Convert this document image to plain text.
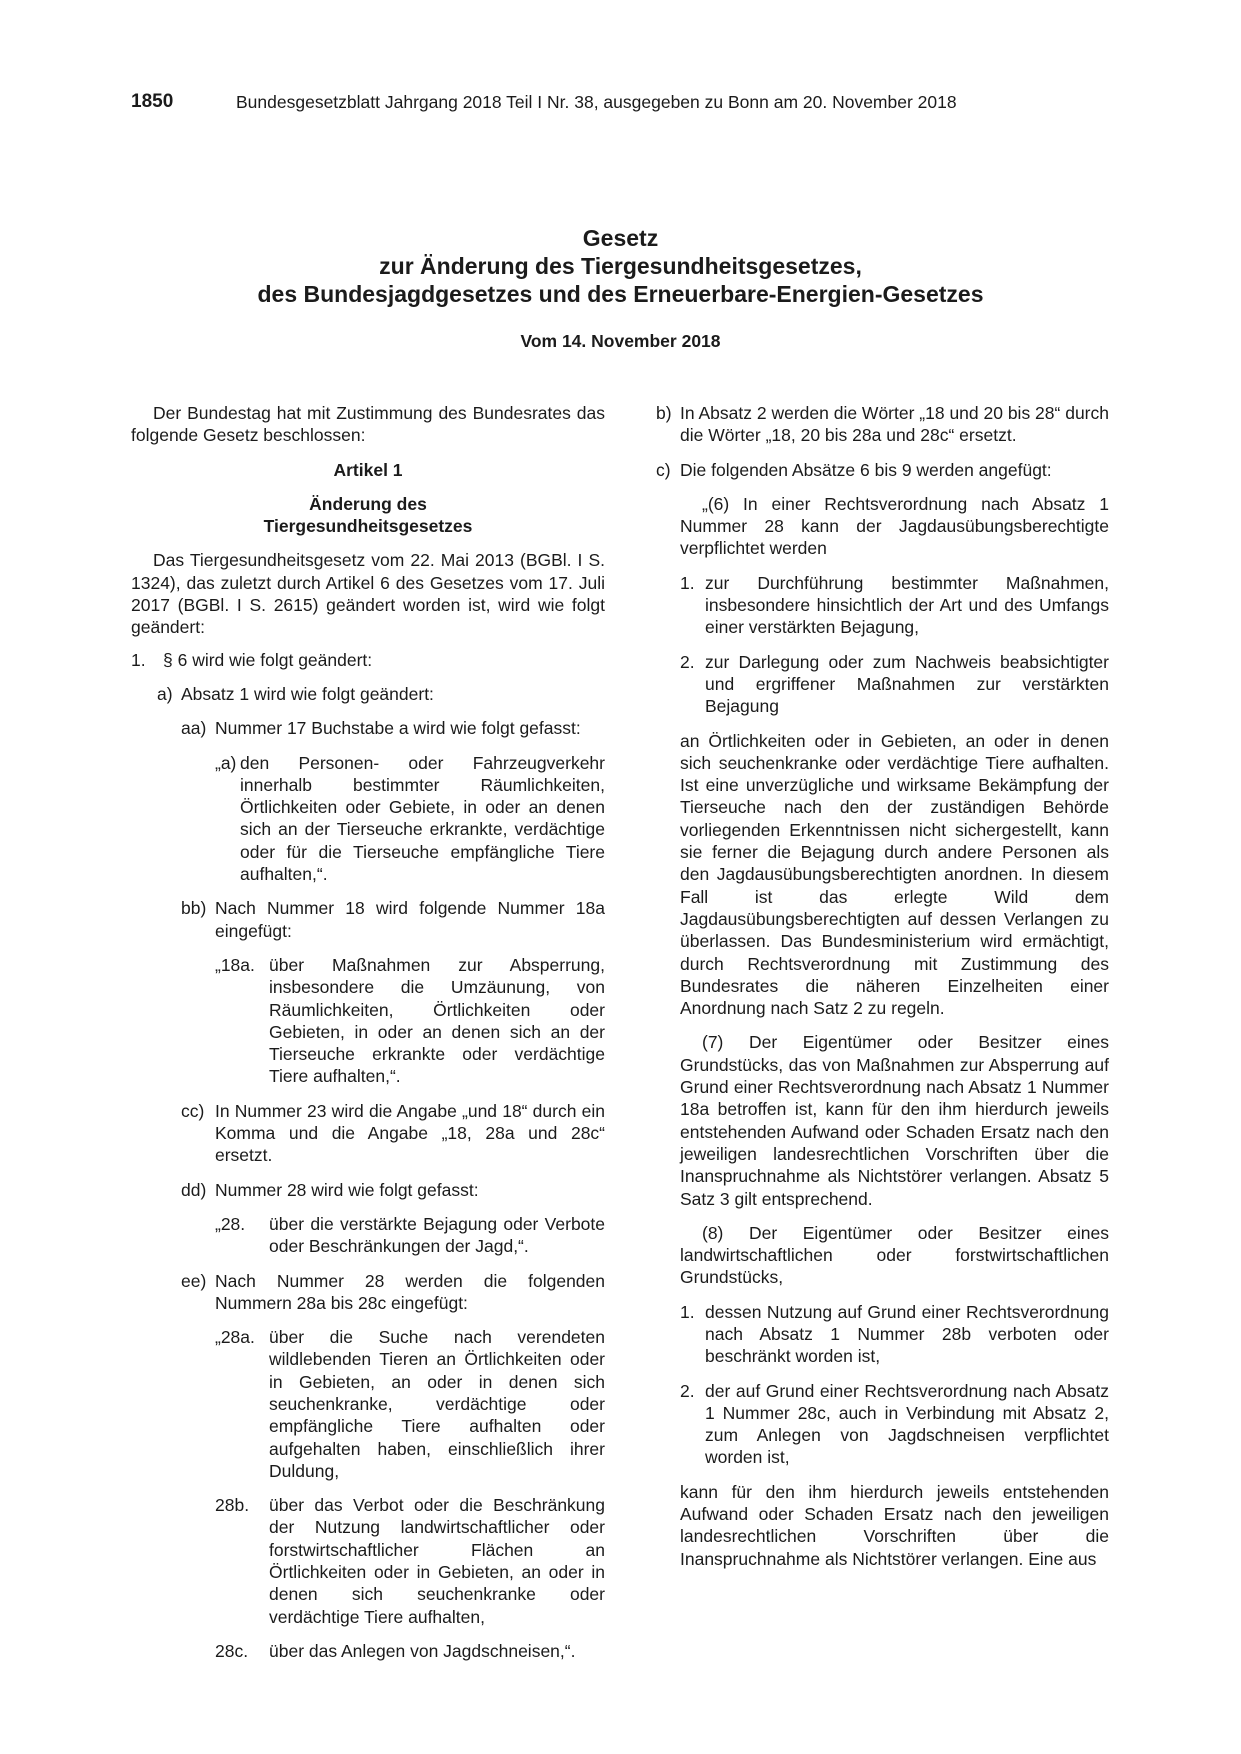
1850	Bundesgesetzblatt Jahrgang 2018 Teil I Nr. 38, ausgegeben zu Bonn am 20. November 2018
Gesetz
zur Änderung des Tiergesundheitsgesetzes,
des Bundesjagdgesetzes und des Erneuerbare-Energien-Gesetzes
Vom 14. November 2018

Der Bundestag hat mit Zustimmung des Bundesrates das folgende Gesetz beschlossen:

Artikel 1
Änderung des
Tiergesundheitsgesetzes

Das Tiergesundheitsgesetz vom 22. Mai 2013 (BGBl. I S. 1324), das zuletzt durch Artikel 6 des Gesetzes vom 17. Juli 2017 (BGBl. I S. 2615) geändert worden ist, wird wie folgt geändert:

1. § 6 wird wie folgt geändert:
a) Absatz 1 wird wie folgt geändert:
aa) Nummer 17 Buchstabe a wird wie folgt gefasst:
„a) den Personen- oder Fahrzeugverkehr innerhalb bestimmter Räumlichkeiten, Örtlichkeiten oder Gebiete, in oder an denen sich an der Tierseuche erkrankte, verdächtige oder für die Tierseuche empfängliche Tiere aufhalten,“.
bb) Nach Nummer 18 wird folgende Nummer 18a eingefügt:
„18a. über Maßnahmen zur Absperrung, insbesondere die Umzäunung, von Räumlichkeiten, Örtlichkeiten oder Gebieten, in oder an denen sich an der Tierseuche erkrankte oder verdächtige Tiere aufhalten,“.
cc) In Nummer 23 wird die Angabe „und 18“ durch ein Komma und die Angabe „18, 28a und 28c“ ersetzt.
dd) Nummer 28 wird wie folgt gefasst:
„28.	über die verstärkte Bejagung oder Verbote oder Beschränkungen der Jagd,“.
ee) Nach Nummer 28 werden die folgenden Nummern 28a bis 28c eingefügt:
„28a. über die Suche nach verendeten wildlebenden Tieren an Örtlichkeiten oder in Gebieten, an oder in denen sich seuchenkranke, verdächtige oder empfängliche Tiere aufhalten oder aufgehalten haben, einschließlich ihrer Duldung,
28b.	über das Verbot oder die Beschränkung der Nutzung landwirtschaftlicher oder forstwirtschaftlicher Flächen an Örtlichkeiten oder in Gebieten, an oder in denen sich seuchenkranke oder verdächtige Tiere aufhalten,
28c.	über das Anlegen von Jagdschneisen,“.
b) In Absatz 2 werden die Wörter „18 und 20 bis 28“ durch die Wörter „18, 20 bis 28a und 28c“ ersetzt.
c) Die folgenden Absätze 6 bis 9 werden angefügt:

„(6) In einer Rechtsverordnung nach Absatz 1 Nummer 28 kann der Jagdausübungsberechtigte verpflichtet werden

1. zur Durchführung bestimmter Maßnahmen, insbesondere hinsichtlich der Art und des Umfangs einer verstärkten Bejagung,
2. zur Darlegung oder zum Nachweis beabsichtigter und ergriffener Maßnahmen zur verstärkten Bejagung

an Örtlichkeiten oder in Gebieten, an oder in denen sich seuchenkranke oder verdächtige Tiere aufhalten. Ist eine unverzügliche und wirksame Bekämpfung der Tierseuche nach den der zuständigen Behörde vorliegenden Erkenntnissen nicht sichergestellt, kann sie ferner die Bejagung durch andere Personen als den Jagdausübungsberechtigten anordnen. In diesem Fall ist das erlegte Wild dem Jagdausübungsberechtigten auf dessen Verlangen zu überlassen. Das Bundesministerium wird ermächtigt, durch Rechtsverordnung mit Zustimmung des Bundesrates die näheren Einzelheiten einer Anordnung nach Satz 2 zu regeln.

(7) Der Eigentümer oder Besitzer eines Grundstücks, das von Maßnahmen zur Absperrung auf Grund einer Rechtsverordnung nach Absatz 1 Nummer 18a betroffen ist, kann für den ihm hierdurch jeweils entstehenden Aufwand oder Schaden Ersatz nach den jeweiligen landesrechtlichen Vorschriften über die Inanspruchnahme als Nichtstörer verlangen. Absatz 5 Satz 3 gilt entsprechend.

(8) Der Eigentümer oder Besitzer eines landwirtschaftlichen oder forstwirtschaftlichen Grundstücks,

1. dessen Nutzung auf Grund einer Rechtsverordnung nach Absatz 1 Nummer 28b verboten oder beschränkt worden ist,
2. der auf Grund einer Rechtsverordnung nach Absatz 1 Nummer 28c, auch in Verbindung mit Absatz 2, zum Anlegen von Jagdschneisen verpflichtet worden ist,

kann für den ihm hierdurch jeweils entstehenden Aufwand oder Schaden Ersatz nach den jeweiligen landesrechtlichen Vorschriften über die Inanspruchnahme als Nichtstörer verlangen. Eine aus
